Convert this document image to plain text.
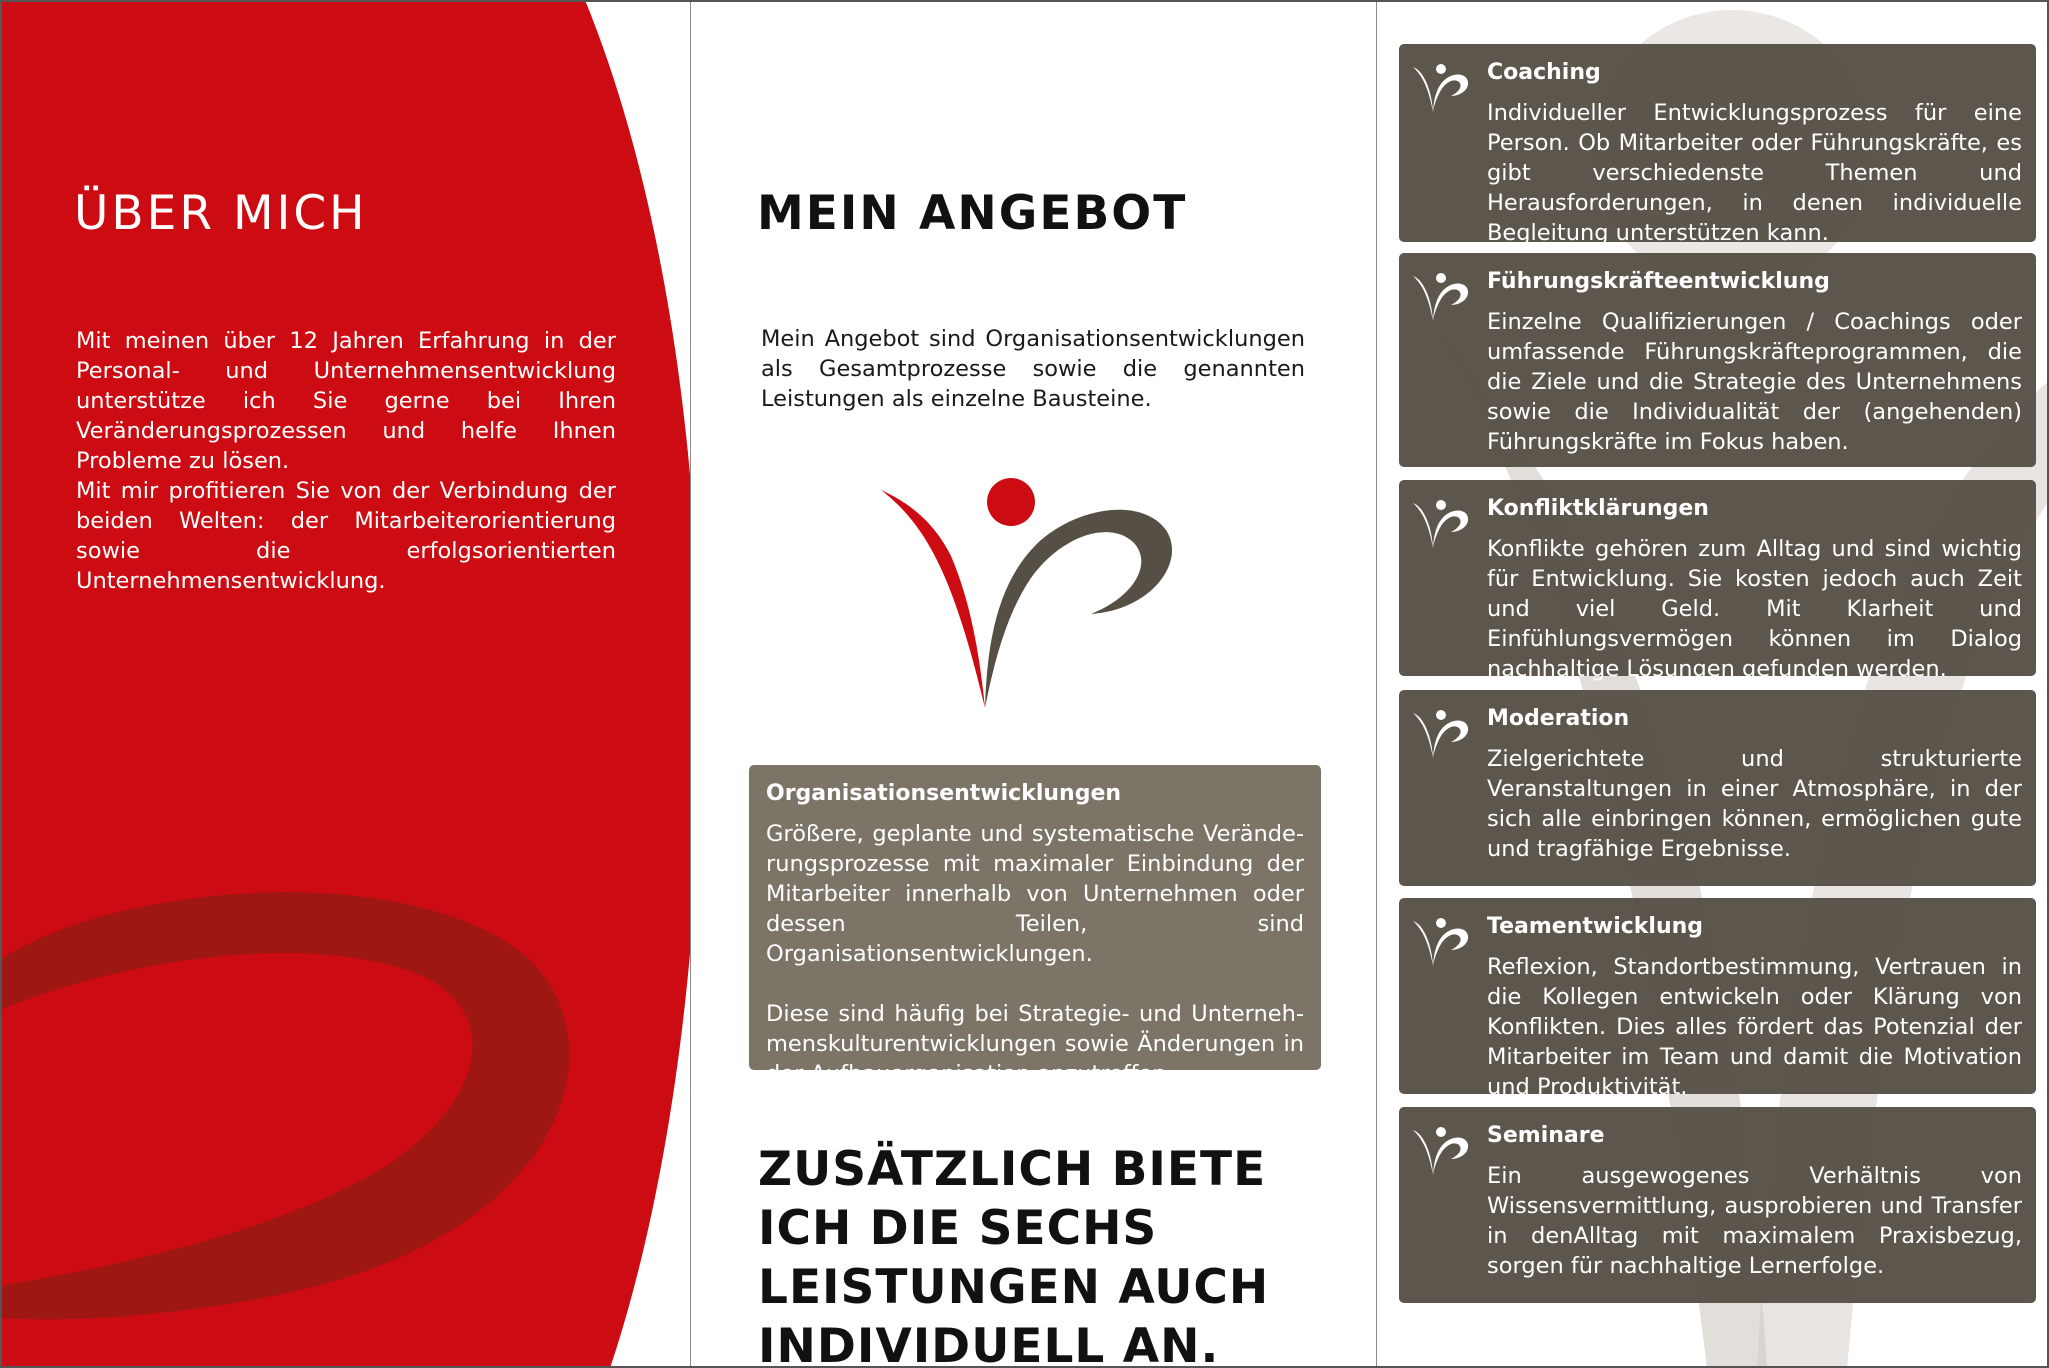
ÜBER MICH

Mit meinen über 12 Jahren Erfahrung in der Personal- und Unternehmensentwicklung unterstütze ich Sie gerne bei Ihren Veränderungsprozessen und helfe Ihnen Probleme zu lösen.

Mit mir profitieren Sie von der Verbindung der beiden Welten: der Mitarbeiterorientierung sowie die erfolgsorientierten Unternehmensentwicklung.

MEIN ANGEBOT

Mein Angebot sind Organisationsentwicklungen als Gesamtprozesse sowie die genannten Leistungen als einzelne Bausteine.

Organisationsentwicklungen

Größere, geplante und systematische Veränderungsprozesse mit maximaler Einbindung der Mitarbeiter innerhalb von Unternehmen oder dessen Teilen, sind Organisationsentwicklungen.

Diese sind häufig bei Strategie- und Unternehmenskulturentwicklungen sowie Änderungen in der Aufbauorganisation anzutreffen.

ZUSÄTZLICH BIETE ICH DIE SECHS LEISTUNGEN AUCH INDIVIDUELL AN.
Coaching

Individueller Entwicklungsprozess für eine Person. Ob Mitarbeiter oder Führungskräfte, es gibt verschiedenste Themen und Herausforderungen, in denen individuelle Begleitung unterstützen kann.

Führungskräfteentwicklung

Einzelne Qualifizierungen / Coachings oder umfassende Führungskräfteprogrammen, die die Ziele und die Strategie des Unternehmens sowie die Individualität der (angehenden) Führungskräfte im Fokus haben.

Konfliktklärungen

Konflikte gehören zum Alltag und sind wichtig für Entwicklung. Sie kosten jedoch auch Zeit und viel Geld. Mit Klarheit und Einfühlungsvermögen können im Dialog nachhaltige Lösungen gefunden werden.

Moderation

Zielgerichtete und strukturierte Veranstaltungen in einer Atmosphäre, in der sich alle einbringen können, ermöglichen gute und tragfähige Ergebnisse.

Teamentwicklung

Reflexion, Standortbestimmung, Vertrauen in die Kollegen entwickeln oder Klärung von Konflikten. Dies alles fördert das Potenzial der Mitarbeiter im Team und damit die Motivation und Produktivität.

Seminare

Ein ausgewogenes Verhältnis von Wissensvermittlung, ausprobieren und Transfer in denAlltag mit maximalem Praxisbezug, sorgen für nachhaltige Lernerfolge.
